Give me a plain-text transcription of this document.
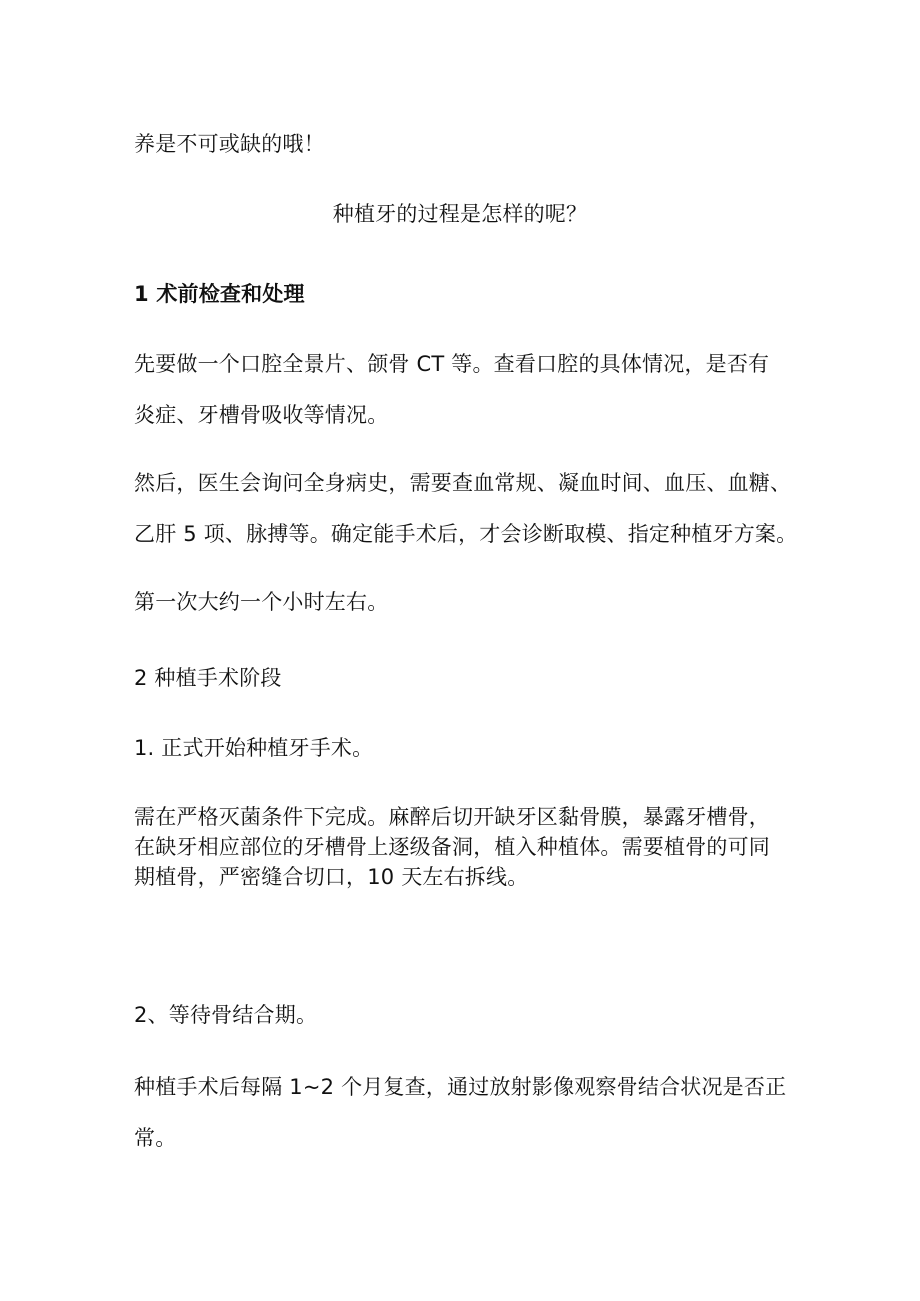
养是不可或缺的哦！
种植牙的过程是怎样的呢？
1 术前检查和处理
先要做一个口腔全景片、颌骨 CT 等。查看口腔的具体情况，是否有
炎症、牙槽骨吸收等情况。
然后，医生会询问全身病史，需要查血常规、凝血时间、血压、血糖、
乙肝 5 项、脉搏等。确定能手术后，才会诊断取模、指定种植牙方案。
第一次大约一个小时左右。
2 种植手术阶段
1. 正式开始种植牙手术。
需在严格灭菌条件下完成。麻醉后切开缺牙区黏骨膜，暴露牙槽骨，
在缺牙相应部位的牙槽骨上逐级备洞，植入种植体。需要植骨的可同
期植骨，严密缝合切口，10 天左右拆线。
2、等待骨结合期。
种植手术后每隔 1~2 个月复查，通过放射影像观察骨结合状况是否正
常。
